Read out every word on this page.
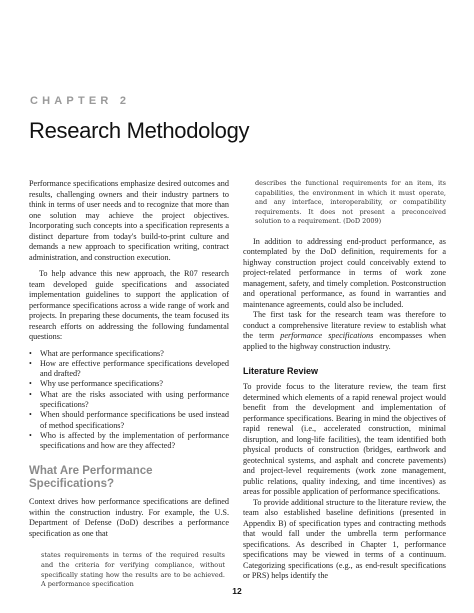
CHAPTER 2
Research Methodology

Performance specifications emphasize desired outcomes and results, challenging owners and their industry partners to think in terms of user needs and to recognize that more than one solution may achieve the project objectives. Incorporating such concepts into a specification represents a distinct departure from today's build-to-print culture and demands a new approach to specification writing, contract administration, and construction execution.

To help advance this new approach, the R07 research team developed guide specifications and associated implementation guidelines to support the application of performance specifications across a wide range of work and projects. In preparing these documents, the team focused its research efforts on addressing the following fundamental questions:

• What are performance specifications?
• How are effective performance specifications developed and drafted?
• Why use performance specifications?
• What are the risks associated with using performance specifications?
• When should performance specifications be used instead of method specifications?
• Who is affected by the implementation of performance specifications and how are they affected?
What Are Performance Specifications?

Context drives how performance specifications are defined within the construction industry. For example, the U.S. Department of Defense (DoD) describes a performance specification as one that

states requirements in terms of the required results and the criteria for verifying compliance, without specifically stating how the results are to be achieved. A performance specification

describes the functional requirements for an item, its capabilities, the environment in which it must operate, and any interface, interoperability, or compatibility requirements. It does not present a preconceived solution to a requirement. (DoD 2009)

In addition to addressing end-product performance, as contemplated by the DoD definition, requirements for a highway construction project could conceivably extend to project-related performance in terms of work zone management, safety, and timely completion. Postconstruction and operational performance, as found in warranties and maintenance agreements, could also be included.

The first task for the research team was therefore to conduct a comprehensive literature review to establish what the term performance specifications encompasses when applied to the highway construction industry.

Literature Review

To provide focus to the literature review, the team first determined which elements of a rapid renewal project would benefit from the development and implementation of performance specifications. Bearing in mind the objectives of rapid renewal (i.e., accelerated construction, minimal disruption, and long-life facilities), the team identified both physical products of construction (bridges, earthwork and geotechnical systems, and asphalt and concrete pavements) and project-level requirements (work zone management, public relations, quality indexing, and time incentives) as areas for possible application of performance specifications.

To provide additional structure to the literature review, the team also established baseline definitions (presented in Appendix B) of specification types and contracting methods that would fall under the umbrella term performance specifications. As described in Chapter 1, performance specifications may be viewed in terms of a continuum. Categorizing specifications (e.g., as end-result specifications or PRS) helps identify the

12
